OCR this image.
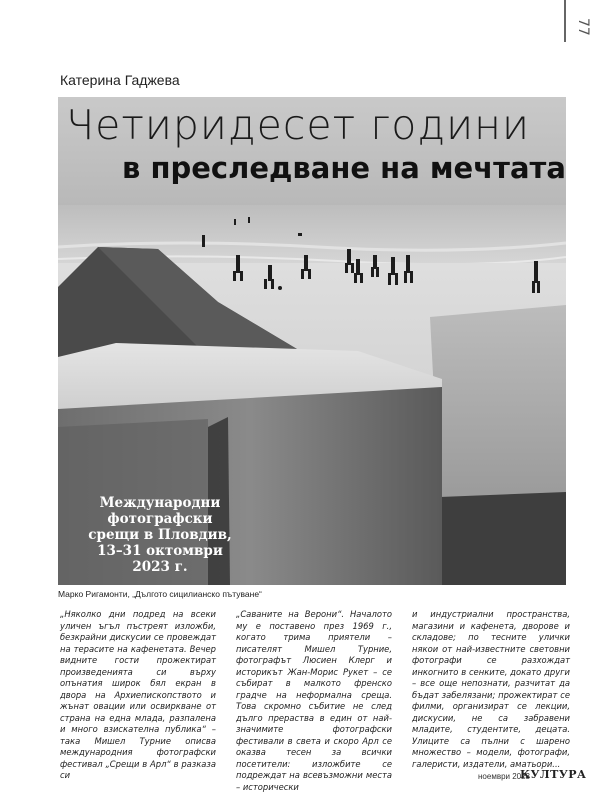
77
Катерина Гаджева
Четиридесет години
в преследване на мечтата
Международни фотографски срещи в Пловдив, 13–31 октомври 2023 г.
Марко Ригамонти, „Дългото сицилианско пътуване“
„Няколко дни подред на всеки уличен ъгъл пъстреят изложби, безкрайни дискусии се провеждат на терасите на кафенетата. Вечер видните гости прожектират произведенията си върху опънатия широк бял екран в двора на Архиепископството и жънат овации или освиркване от страна на една млада, разпалена и много взискателна публика“ – така Мишел Турние описва международния фотографски фестивал „Срещи в Арл“ в разказа си
„Саваните на Верони“. Началото му е поставено през 1969 г., когато трима приятели – писателят Мишел Турние, фотографът Люсиен Клерг и историкът Жан-Морис Рукет – се събират в малкото френско градче на неформална среща. Това скромно събитие не след дълго прераства в един от най-значимите фотографски фестивали в света и скоро Арл се оказва тесен за всички посетители: изложбите се подреждат на всевъзможни места – исторически
и индустриални пространства, магазини и кафенета, дворове и складове; по тесните улички някои от най-известните световни фотографи се разхождат инкогнито в сенките, докато други – все още непознати, разчитат да бъдат забелязани; прожектират се филми, организират се лекции, дискусии, не са забравени младите, студентите, децата. Улиците са пълни с шарено множество – модели, фотографи, галеристи, издатели, аматьори...
ноември 2023
КУЛТУРА
